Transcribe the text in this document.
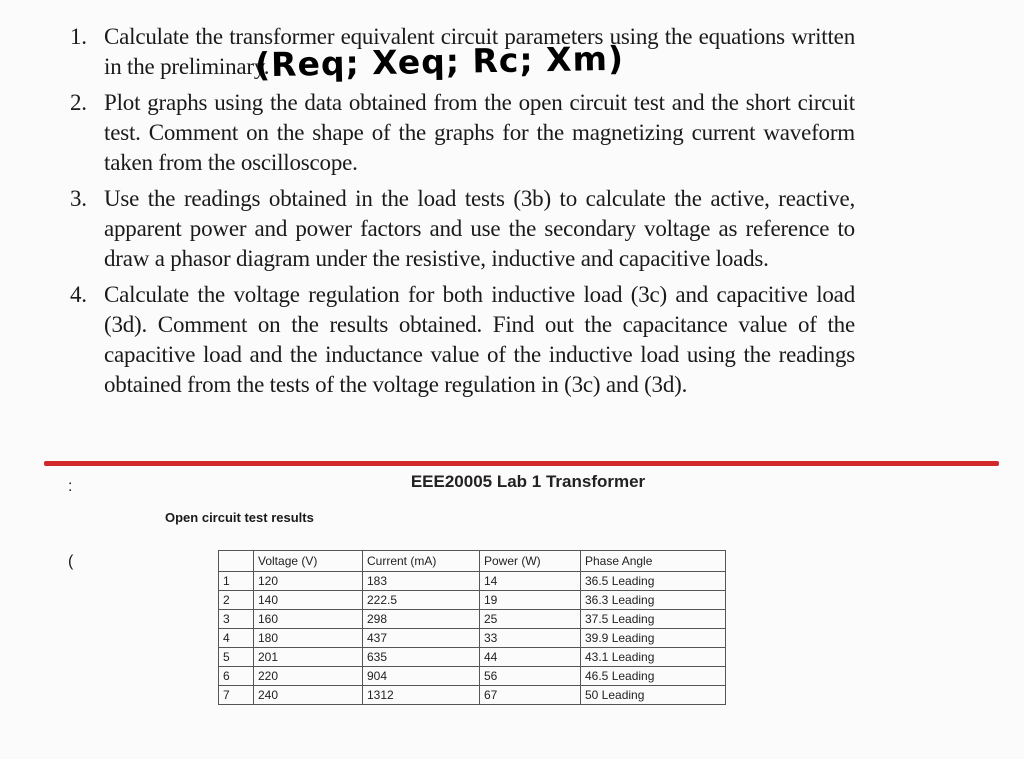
1. Calculate the transformer equivalent circuit parameters using the equations written in the preliminary.
2. Plot graphs using the data obtained from the open circuit test and the short circuit test. Comment on the shape of the graphs for the magnetizing current waveform taken from the oscilloscope.
3. Use the readings obtained in the load tests (3b) to calculate the active, reactive, apparent power and power factors and use the secondary voltage as reference to draw a phasor diagram under the resistive, inductive and capacitive loads.
4. Calculate the voltage regulation for both inductive load (3c) and capacitive load (3d). Comment on the results obtained. Find out the capacitance value of the capacitive load and the inductance value of the inductive load using the readings obtained from the tests of the voltage regulation in (3c) and (3d).
(Req; Xeq; Rc; Xm)
:
(
EEE20005 Lab 1 Transformer
Open circuit test results
	Voltage (V)	Current (mA)	Power (W)	Phase Angle
1	120	183	14	36.5 Leading
2	140	222.5	19	36.3 Leading
3	160	298	25	37.5 Leading
4	180	437	33	39.9 Leading
5	201	635	44	43.1 Leading
6	220	904	56	46.5 Leading
7	240	1312	67	50 Leading
